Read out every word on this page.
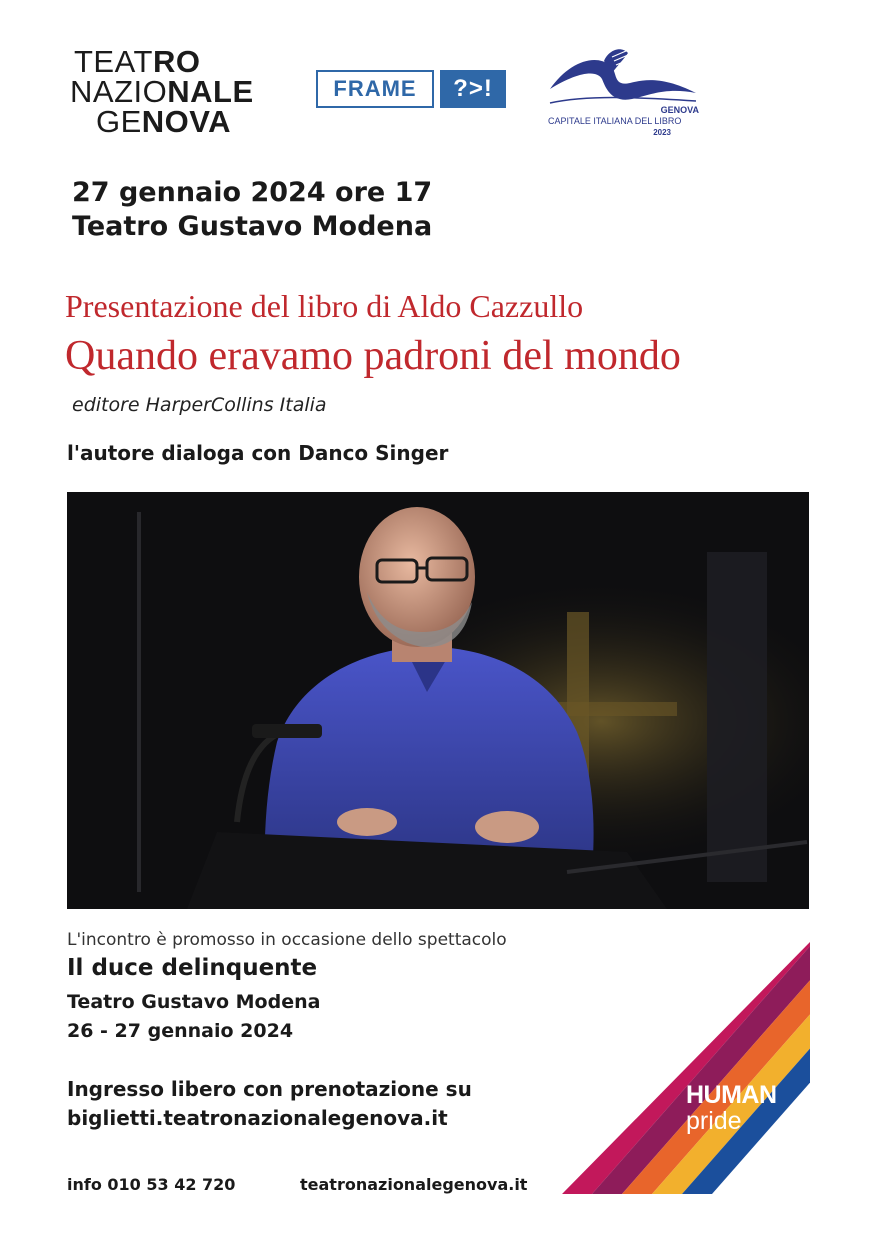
TEATRO
NAZIONALE
GENOVA
FRAME	?>!
GENOVA
CAPITALE ITALIANA DEL LIBRO
2023
27 gennaio 2024 ore 17
Teatro Gustavo Modena
Presentazione del libro di Aldo Cazzullo
Quando eravamo padroni del mondo
editore HarperCollins Italia
l'autore dialoga con Danco Singer
L'incontro è promosso in occasione dello spettacolo
Il duce delinquente
Teatro Gustavo Modena
26 - 27 gennaio 2024
Ingresso libero con prenotazione su
biglietti.teatronazionalegenova.it
info 010 53 42 720	teatronazionalegenova.it
HUMAN
pride
